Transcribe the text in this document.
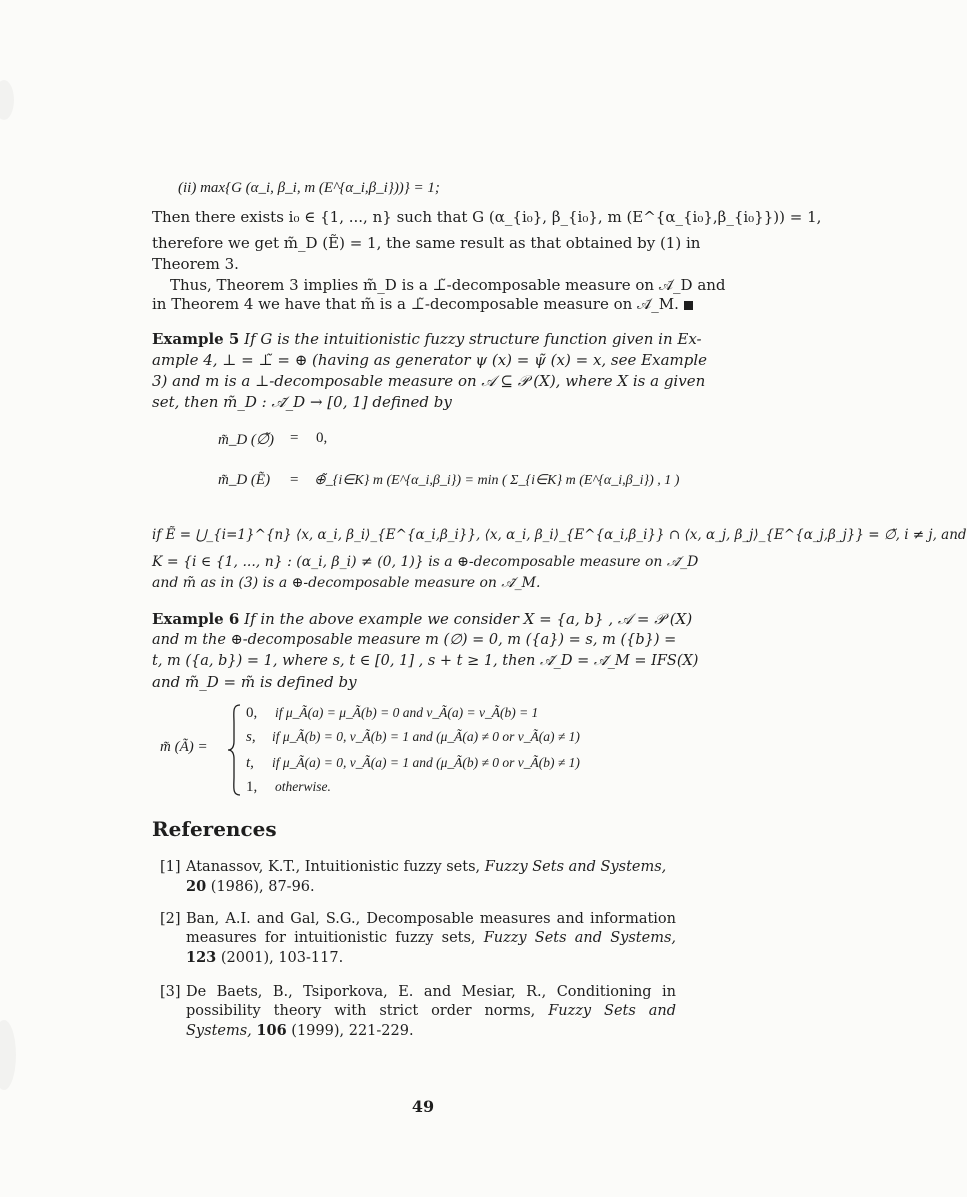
(ii) max{G (α_i, β_i, m (E^{α_i,β_i}))} = 1;
Then there exists i₀ ∈ {1, ..., n} such that G (α_{i₀}, β_{i₀}, m (E^{α_{i₀},β_{i₀}})) = 1,
therefore we get m̃_D (Ẽ) = 1, the same result as that obtained by (1) in
Theorem 3.
Thus, Theorem 3 implies m̃_D is a ⊥̃-decomposable measure on 𝒜̃_D and
in Theorem 4 we have that m̃ is a ⊥̃-decomposable measure on 𝒜̃_M.
Example 5 If G is the intuitionistic fuzzy structure function given in Ex-
ample 4, ⊥ = ⊥̃ = ⊕ (having as generator ψ (x) = ψ̃ (x) = x, see Example
3) and m is a ⊥-decomposable measure on 𝒜 ⊆ 𝒫 (X), where X is a given
set, then m̃_D : 𝒜̃_D → [0, 1] defined by
m̃_D (∅̃) = 0,
m̃_D (Ẽ) = ⊕̃_{i∈K} m (E^{α_i,β_i}) = min ( Σ_{i∈K} m (E^{α_i,β_i}) , 1 )
if Ẽ = ⋃_{i=1}^{n} ⟨x, α_i, β_i⟩_{E^{α_i,β_i}}, ⟨x, α_i, β_i⟩_{E^{α_i,β_i}} ∩ ⟨x, α_j, β_j⟩_{E^{α_j,β_j}} = ∅̃, i ≠ j, and
K = {i ∈ {1, ..., n} : (α_i, β_i) ≠ (0, 1)} is a ⊕-decomposable measure on 𝒜̃_D
and m̃ as in (3) is a ⊕-decomposable measure on 𝒜̃_M.
Example 6 If in the above example we consider X = {a, b} , 𝒜 = 𝒫 (X)
and m the ⊕-decomposable measure m (∅) = 0, m ({a}) = s, m ({b}) =
t, m ({a, b}) = 1, where s, t ∈ [0, 1] , s + t ≥ 1, then 𝒜̃_D = 𝒜̃_M = IFS(X)
and m̃_D = m̃ is defined by
m̃ (Ã) =
0, if μ_Ã(a) = μ_Ã(b) = 0 and ν_Ã(a) = ν_Ã(b) = 1
s, if μ_Ã(b) = 0, ν_Ã(b) = 1 and (μ_Ã(a) ≠ 0 or ν_Ã(a) ≠ 1)
t, if μ_Ã(a) = 0, ν_Ã(a) = 1 and (μ_Ã(b) ≠ 0 or ν_Ã(b) ≠ 1)
1, otherwise.
References
[1] Atanassov, K.T., Intuitionistic fuzzy sets, Fuzzy Sets and Systems, 20 (1986), 87-96.
[2] Ban, A.I. and Gal, S.G., Decomposable measures and information measures for intuitionistic fuzzy sets, Fuzzy Sets and Systems, 123 (2001), 103-117.
[3] De Baets, B., Tsiporkova, E. and Mesiar, R., Conditioning in possibility theory with strict order norms, Fuzzy Sets and Systems, 106 (1999), 221-229.
49
